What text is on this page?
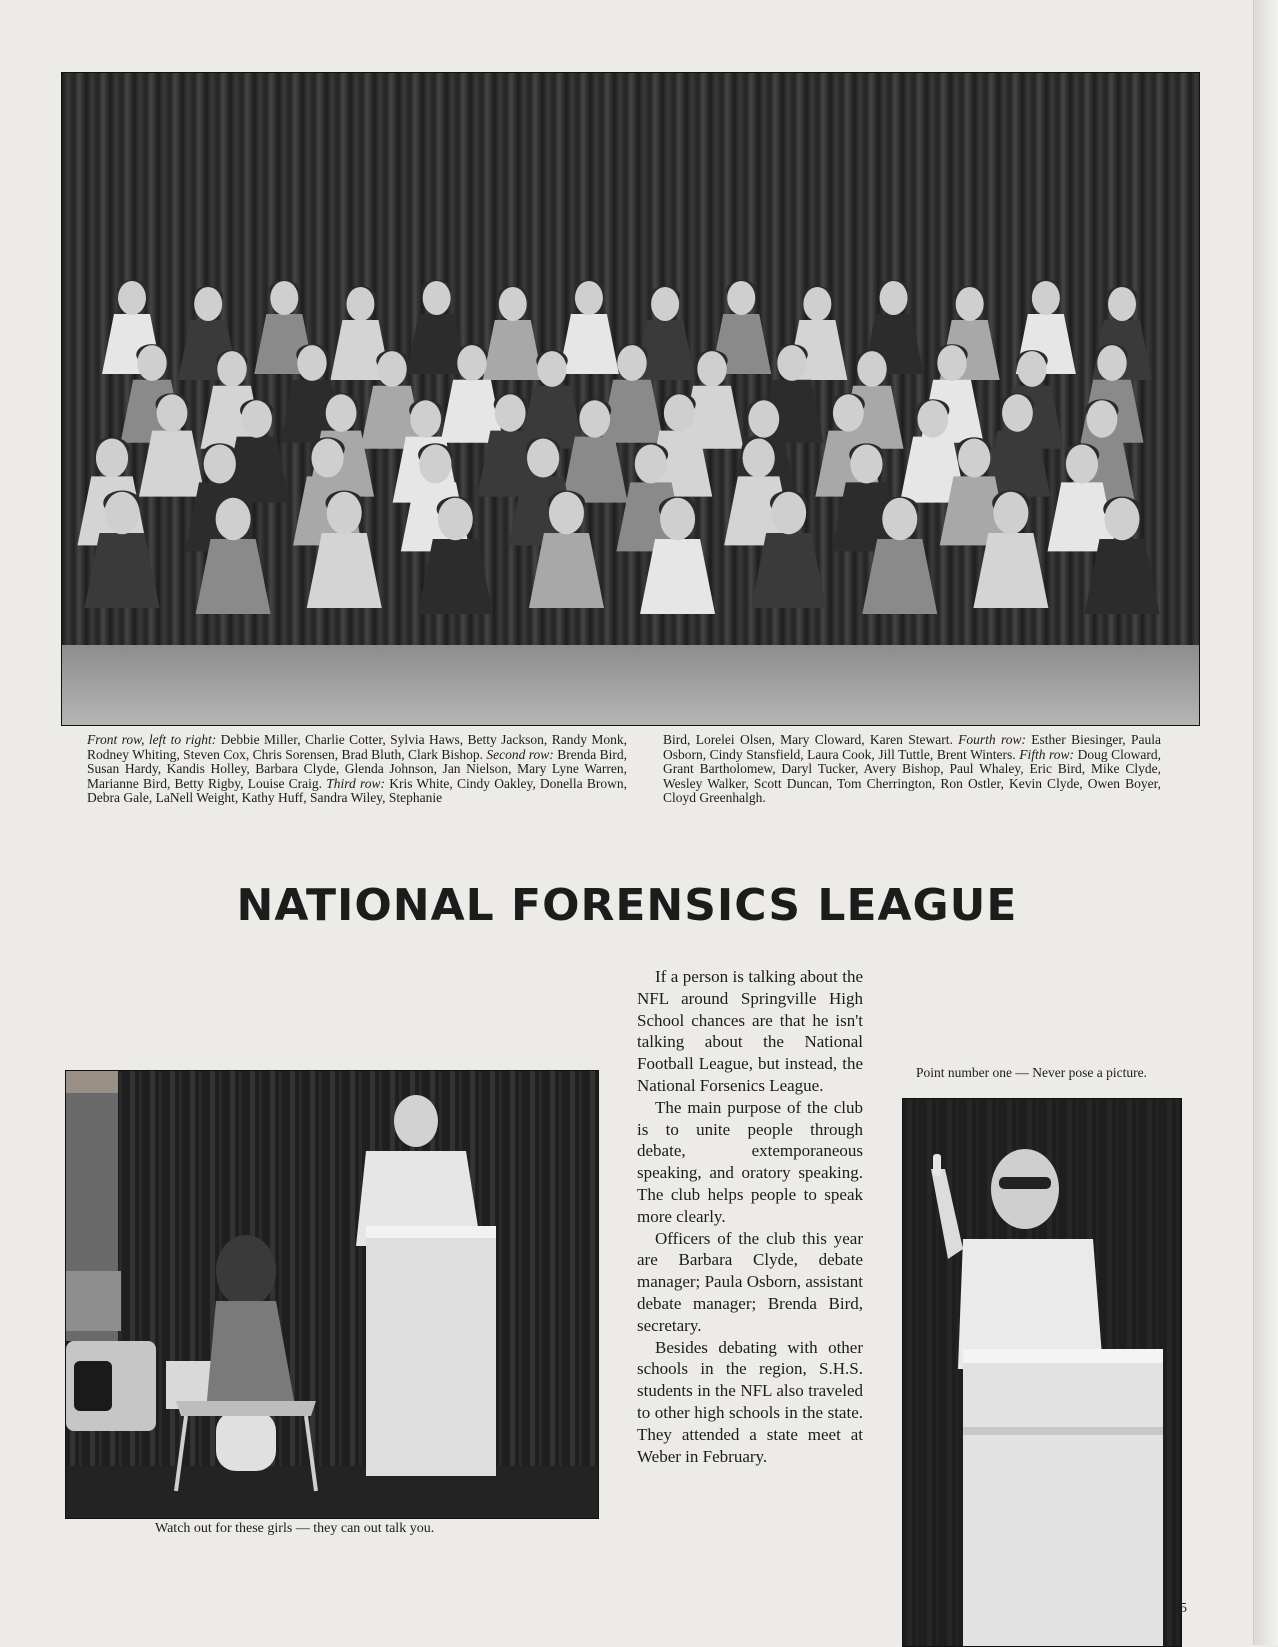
Front row, left to right: Debbie Miller, Charlie Cotter, Sylvia Haws, Betty Jackson, Randy Monk, Rodney Whiting, Steven Cox, Chris Sorensen, Brad Bluth, Clark Bishop. Second row: Brenda Bird, Susan Hardy, Kandis Holley, Barbara Clyde, Glenda Johnson, Jan Nielson, Mary Lyne Warren, Marianne Bird, Betty Rigby, Louise Craig. Third row: Kris White, Cindy Oakley, Donella Brown, Debra Gale, LaNell Weight, Kathy Huff, Sandra Wiley, Stephanie

Bird, Lorelei Olsen, Mary Cloward, Karen Stewart. Fourth row: Esther Biesinger, Paula Osborn, Cindy Stansfield, Laura Cook, Jill Tuttle, Brent Winters. Fifth row: Doug Cloward, Grant Bartholomew, Daryl Tucker, Avery Bishop, Paul Whaley, Eric Bird, Mike Clyde, Wesley Walker, Scott Duncan, Tom Cherrington, Ron Ostler, Kevin Clyde, Owen Boyer, Cloyd Greenhalgh.

NATIONAL FORENSICS LEAGUE

Watch out for these girls — they can out talk you.

If a person is talking about the NFL around Springville High School chances are that he isn't talking about the National Football League, but instead, the National Forsenics League.

The main purpose of the club is to unite people through debate, extemporaneous speaking, and oratory speaking. The club helps people to speak more clearly.

Officers of the club this year are Barbara Clyde, debate manager; Paula Osborn, assistant debate manager; Brenda Bird, secretary.

Besides debating with other schools in the region, S.H.S. students in the NFL also traveled to other high schools in the state. They attended a state meet at Weber in February.

Point number one — Never pose a picture.

95
